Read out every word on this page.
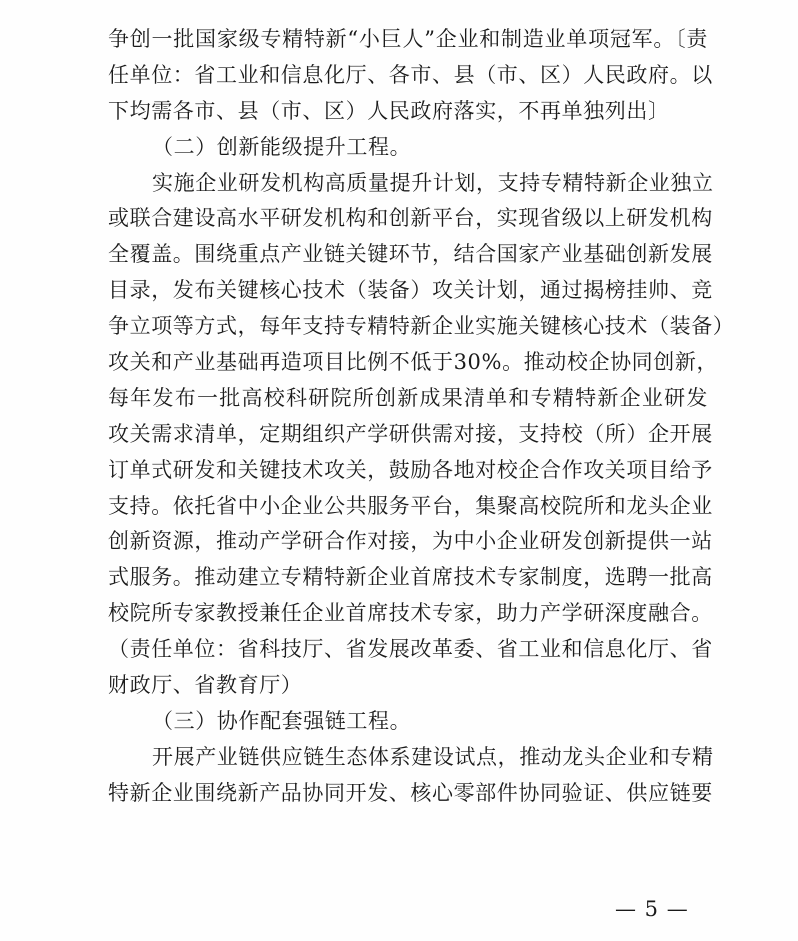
争创一批国家级专精特新“小巨人”企业和制造业单项冠军。〔责
任单位：省工业和信息化厅、各市、县（市、区）人民政府。以
下均需各市、县（市、区）人民政府落实，不再单独列出〕
（二）创新能级提升工程。
实施企业研发机构高质量提升计划，支持专精特新企业独立
或联合建设高水平研发机构和创新平台，实现省级以上研发机构
全覆盖。围绕重点产业链关键环节，结合国家产业基础创新发展
目录，发布关键核心技术（装备）攻关计划，通过揭榜挂帅、竞
争立项等方式，每年支持专精特新企业实施关键核心技术（装备）
攻关和产业基础再造项目比例不低于30%。推动校企协同创新，
每年发布一批高校科研院所创新成果清单和专精特新企业研发
攻关需求清单，定期组织产学研供需对接，支持校（所）企开展
订单式研发和关键技术攻关，鼓励各地对校企合作攻关项目给予
支持。依托省中小企业公共服务平台，集聚高校院所和龙头企业
创新资源，推动产学研合作对接，为中小企业研发创新提供一站
式服务。推动建立专精特新企业首席技术专家制度，选聘一批高
校院所专家教授兼任企业首席技术专家，助力产学研深度融合。
（责任单位：省科技厅、省发展改革委、省工业和信息化厅、省
财政厅、省教育厅）
（三）协作配套强链工程。
开展产业链供应链生态体系建设试点，推动龙头企业和专精
特新企业围绕新产品协同开发、核心零部件协同验证、供应链要
— 5 —
